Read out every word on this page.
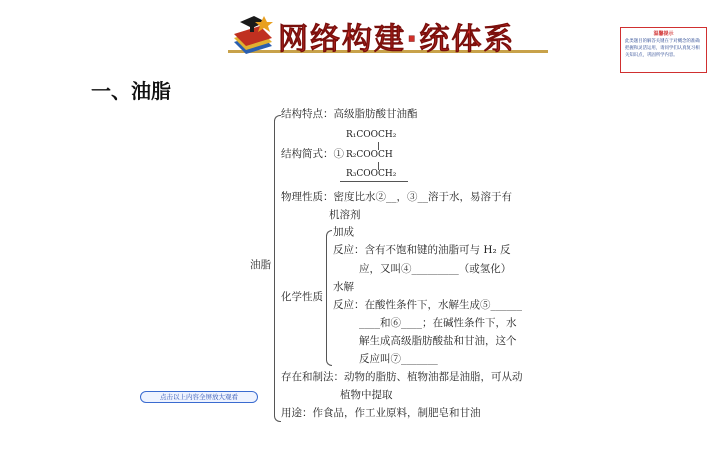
网络构建·统体系	温馨提示
此类题目的解答关键在于对概念的准确把握和灵活运用，请同学们认真复习相关知识点，巩固所学内容。
一、油脂
油脂
结构特点：高级脂肪酸甘油酯
结构简式：①
R₁COOCH₂
R₂COOCH
R₃COOCH₂
物理性质：密度比水②__，③__溶于水，易溶于有
机溶剂
化学性质
加成
反应：含有不饱和键的油脂可与 H₂ 反
应，又叫④_________（或氢化）
水解
反应：在酸性条件下，水解生成⑤______
____和⑥____；在碱性条件下，水
解生成高级脂肪酸盐和甘油，这个
反应叫⑦_______
存在和制法：动物的脂肪、植物油都是油脂，可从动
植物中提取
用途：作食品，作工业原料，制肥皂和甘油
点击以上内容全屏放大观看
